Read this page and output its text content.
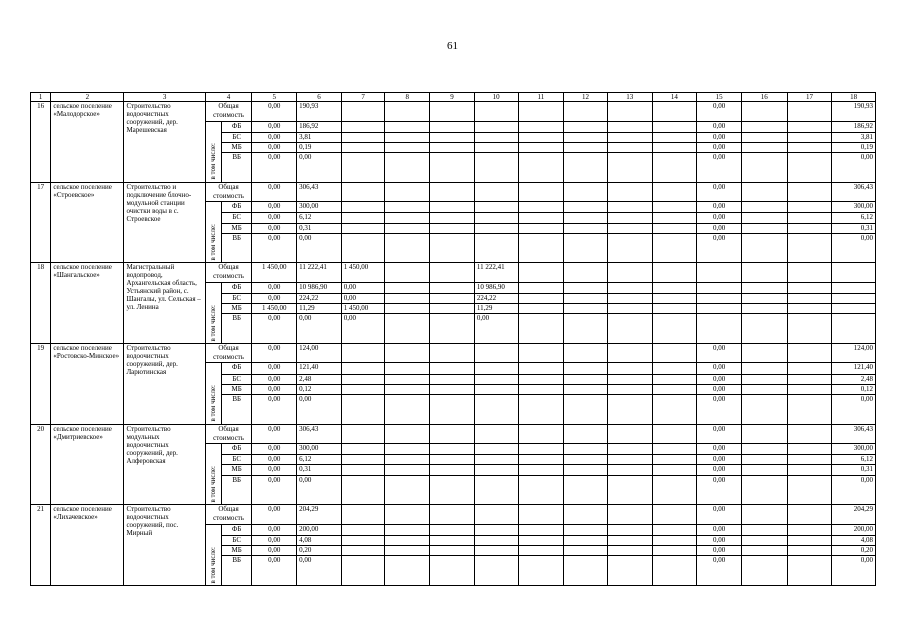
61
1	2	3	4		5	6	7	8	9	10	11	12	13	14	15	16	17	18
16	сельское поселение «Малодорское»	Строительство водоочистных сооружений, дер. Марешевская	Общая стоимость		0,00	190,93									0,00			190,93
			в том числе:	ФБ	0,00	186,92									0,00			186,92
				БС	0,00	3,81									0,00			3,81
				МБ	0,00	0,19									0,00			0,19
				ВБ	0,00	0,00									0,00			0,00
17	сельское поселение «Строевское»	Строительство и подключение блочно-модульной станции очистки воды в с. Строевское	Общая стоимость		0,00	306,43									0,00			306,43
			в том числе:	ФБ	0,00	300,00									0,00			300,00
				БС	0,00	6,12									0,00			6,12
				МБ	0,00	0,31									0,00			0,31
				ВБ	0,00	0,00									0,00			0,00
18	сельское поселение «Шангальское»	Магистральный водопровод, Архангельская область, Устьянский район, с. Шангалы, ул. Сельская – ул. Ленина	Общая стоимость		1 450,00	11 222,41	1 450,00			11 222,41								
			в том числе:	ФБ	0,00	10 986,90	0,00			10 986,90								
				БС	0,00	224,22	0,00			224,22								
				МБ	1 450,00	11,29	1 450,00			11,29								
				ВБ	0,00	0,00	0,00			0,00								
19	сельское поселение «Ростовско-Минское»	Строительство водоочистных сооружений, дер. Ларютинская	Общая стоимость		0,00	124,00									0,00			124,00
			в том числе:	ФБ	0,00	121,40									0,00			121,40
				БС	0,00	2,48									0,00			2,48
				МБ	0,00	0,12									0,00			0,12
				ВБ	0,00	0,00									0,00			0,00
20	сельское поселение «Дмитриевское»	Строительство модульных водоочистных сооружений, дер. Алферовская	Общая стоимость		0,00	306,43									0,00			306,43
			в том числе:	ФБ	0,00	300,00									0,00			300,00
				БС	0,00	6,12									0,00			6,12
				МБ	0,00	0,31									0,00			0,31
				ВБ	0,00	0,00									0,00			0,00
21	сельское поселение «Лихачевское»	Строительство водоочистных сооружений, пос. Мирный	Общая стоимость		0,00	204,29									0,00			204,29
			в том числе:	ФБ	0,00	200,00									0,00			200,00
				БС	0,00	4,08									0,00			4,08
				МБ	0,00	0,20									0,00			0,20
				ВБ	0,00	0,00									0,00			0,00
